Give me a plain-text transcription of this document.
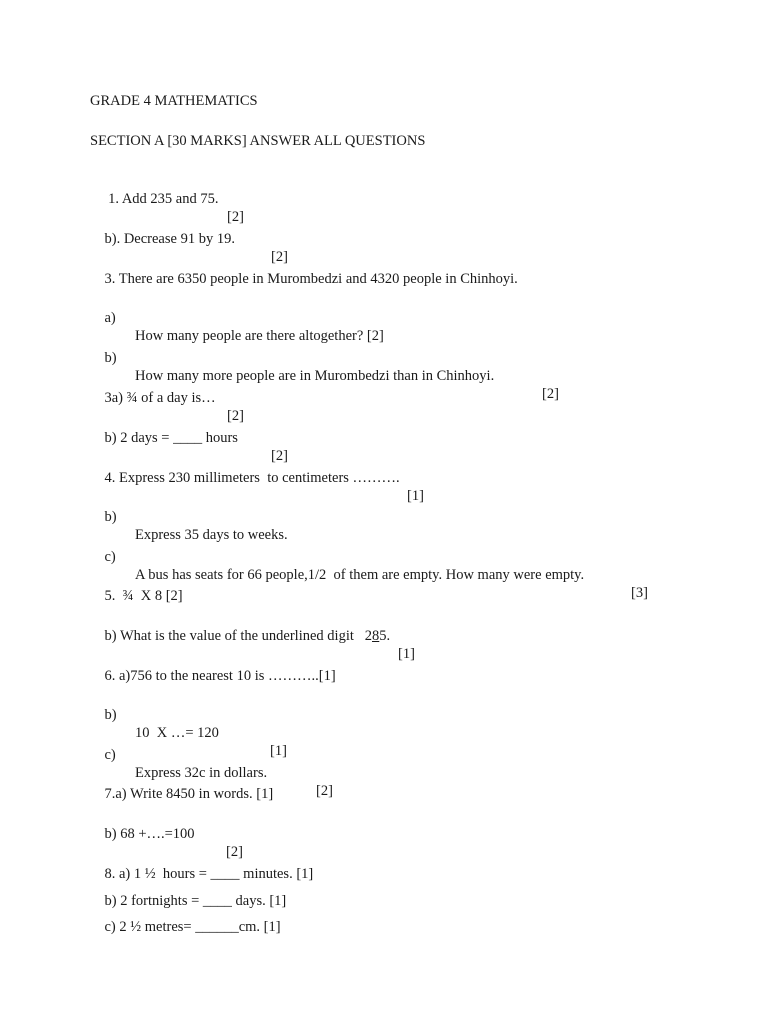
GRADE 4 MATHEMATICS
SECTION A [30 MARKS] ANSWER ALL QUESTIONS

1. Add 235 and 75.

[2]

b). Decrease 91 by 19.

[2]

3. There are 6350 people in Murombedzi and 4320 people in Chinhoyi.

a)

How many people are there altogether? [2]

b)

How many more people are in Murombedzi than in Chinhoyi.

[2]

3a) ¾ of a day is…

[2]

b) 2 days = ____ hours

[2]

4. Express 230 millimeters  to centimeters ……….

[1]

b)

Express 35 days to weeks.

c)

A bus has seats for 66 people,1/2  of them are empty. How many were empty.

[3]

5.  ¾  X 8 [2]

b) What is the value of the underlined digit   285.

[1]

6. a)756 to the nearest 10 is ………..[1]

b)

10  X …= 120

[1]

c)

Express 32c in dollars.

[2]

7.a) Write 8450 in words. [1]

b) 68 +….=100

[2]

8. a) 1 ½  hours = ____ minutes. [1]

b) 2 fortnights = ____ days. [1]

c) 2 ½ metres= ______cm. [1]
